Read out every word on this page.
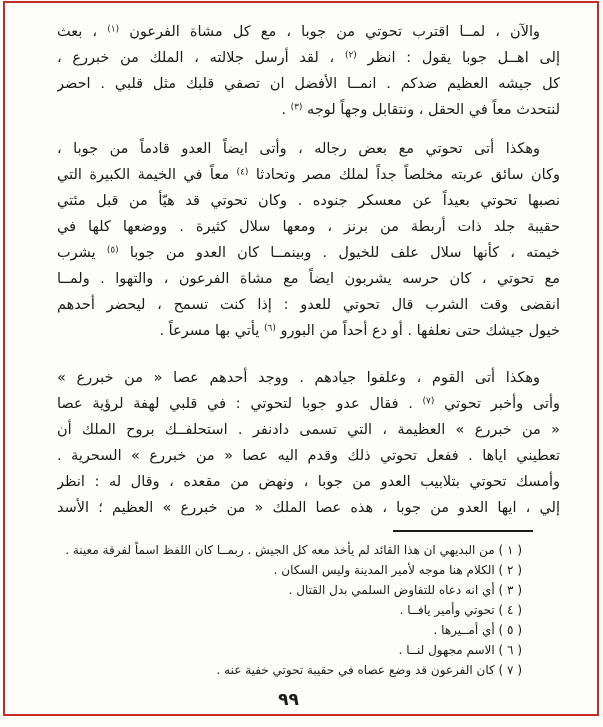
والآن ، لمــا اقترب تحوتي من جوبا ، مع كل مشاة الفرعون $^{(١)}$ ، بعث
إلى اهــل جوبا يقول : انظر $^{(٢)}$ ، لقد أرسل جلالته ، الملك من خبررع ،
كل جيشه العظيم ضدكم . انمــا الأفضل ان تصفي قلبك مثل قلبي . احضر
لنتحدث معاً في الحقل ، ونتقابل وجهاً لوجه $^{(٣)}$ .
وهكذا أتى تحوتي مع بعض رجاله ، وأتى ايضاً العدو قادماً من جوبا ،
وكان سائق عربته مخلصاً جداً لملك مصر وتحادثا $^{(٤)}$ معاً في الخيمة الكبيرة التي
نصبها تحوتي بعيداً عن معسكر جنوده . وكان تحوتي قد هيّأ من قبل مئتي
حقيبة جلد ذات أربطة من برنز ، ومعها سلال كثيرة . ووضعها كلها في
خيمته ، كأنها سلال علف للخيول . وبينمــا كان العدو من جوبا $^{(٥)}$ يشرب
مع تحوتي ، كان حرسه يشربون ايضاً مع مشاة الفرعون ، والتهوا . ولمــا
انقضى وقت الشرب قال تحوتي للعدو : إذا كنت تسمح ، ليحضر أحدهم
خيول جيشك حتى نعلفها . أو دع أحداً من البورو $^{(٦)}$ يأتي بها مسرعاً .
وهكذا أتى القوم ، وعلفوا جيادهم . ووجد أحدهم عصا « من خبررع »
وأتى وأخبر تحوتي $^{(٧)}$ . فقال عدو جوبا لتحوتي : في قلبي لهفة لرؤية عصا
« من خبررع » العظيمة ، التي تسمى دادنفر . استحلفــك بروح الملك أن
تعطيني اياها . ففعل تحوتي ذلك وقدم اليه عصا « من خبررع » السحرية .
وأمسك تحوتي بتلابيب العدو من جوبا ، ونهض من مقعده ، وقال له : انظر
إلي ، ايها العدو من جوبا ، هذه عصا الملك « من خبررع » العظيم ؛ الأسد
( ١ ) من البديهي ان هذا القائد لم يأخذ معه كل الجيش . ربمــا كان اللفظ اسماً لفرقة معينة .
( ٢ ) الكلام هنا موجه لأمير المدينة وليس السكان .
( ٣ ) أي انه دعاه للتفاوض السلمي بدل القتال .
( ٤ ) تحوتي وأمير يافــا .
( ٥ ) أي أمــيرها .
( ٦ ) الاسم مجهول لنــا .
( ٧ ) كان الفرعون قد وضع عصاه في حقيبة تحوتي خفية عنه .
٩٩
